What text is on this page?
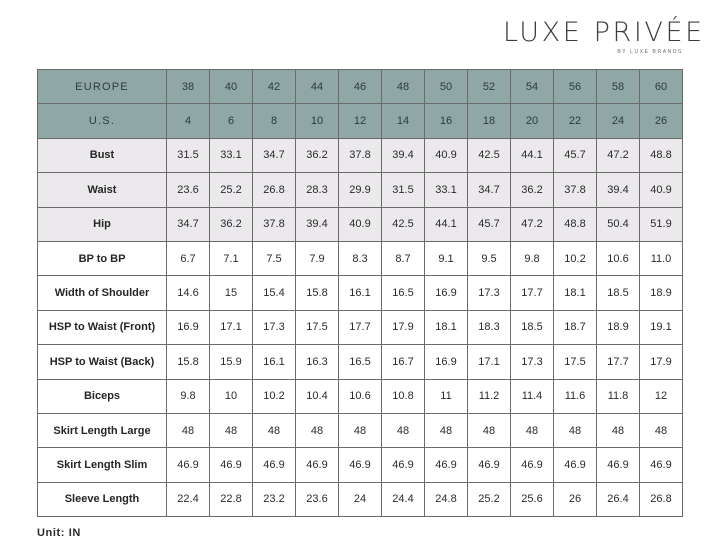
LUXE PRIVÉE
BY LUXE BRANDS
EUROPE	38	40	42	44	46	48	50	52	54	56	58	60
U.S.	4	6	8	10	12	14	16	18	20	22	24	26
Bust	31.5	33.1	34.7	36.2	37.8	39.4	40.9	42.5	44.1	45.7	47.2	48.8
Waist	23.6	25.2	26.8	28.3	29.9	31.5	33.1	34.7	36.2	37.8	39.4	40.9
Hip	34.7	36.2	37.8	39.4	40.9	42.5	44.1	45.7	47.2	48.8	50.4	51.9
BP to BP	6.7	7.1	7.5	7.9	8.3	8.7	9.1	9.5	9.8	10.2	10.6	11.0
Width of Shoulder	14.6	15	15.4	15.8	16.1	16.5	16.9	17.3	17.7	18.1	18.5	18.9
HSP to Waist (Front)	16.9	17.1	17.3	17.5	17.7	17.9	18.1	18.3	18.5	18.7	18.9	19.1
HSP to Waist (Back)	15.8	15.9	16.1	16.3	16.5	16.7	16.9	17.1	17.3	17.5	17.7	17.9
Biceps	9.8	10	10.2	10.4	10.6	10.8	11	11.2	11.4	11.6	11.8	12
Skirt Length Large	48	48	48	48	48	48	48	48	48	48	48	48
Skirt Length Slim	46.9	46.9	46.9	46.9	46.9	46.9	46.9	46.9	46.9	46.9	46.9	46.9
Sleeve Length	22.4	22.8	23.2	23.6	24	24.4	24.8	25.2	25.6	26	26.4	26.8
Unit: IN
